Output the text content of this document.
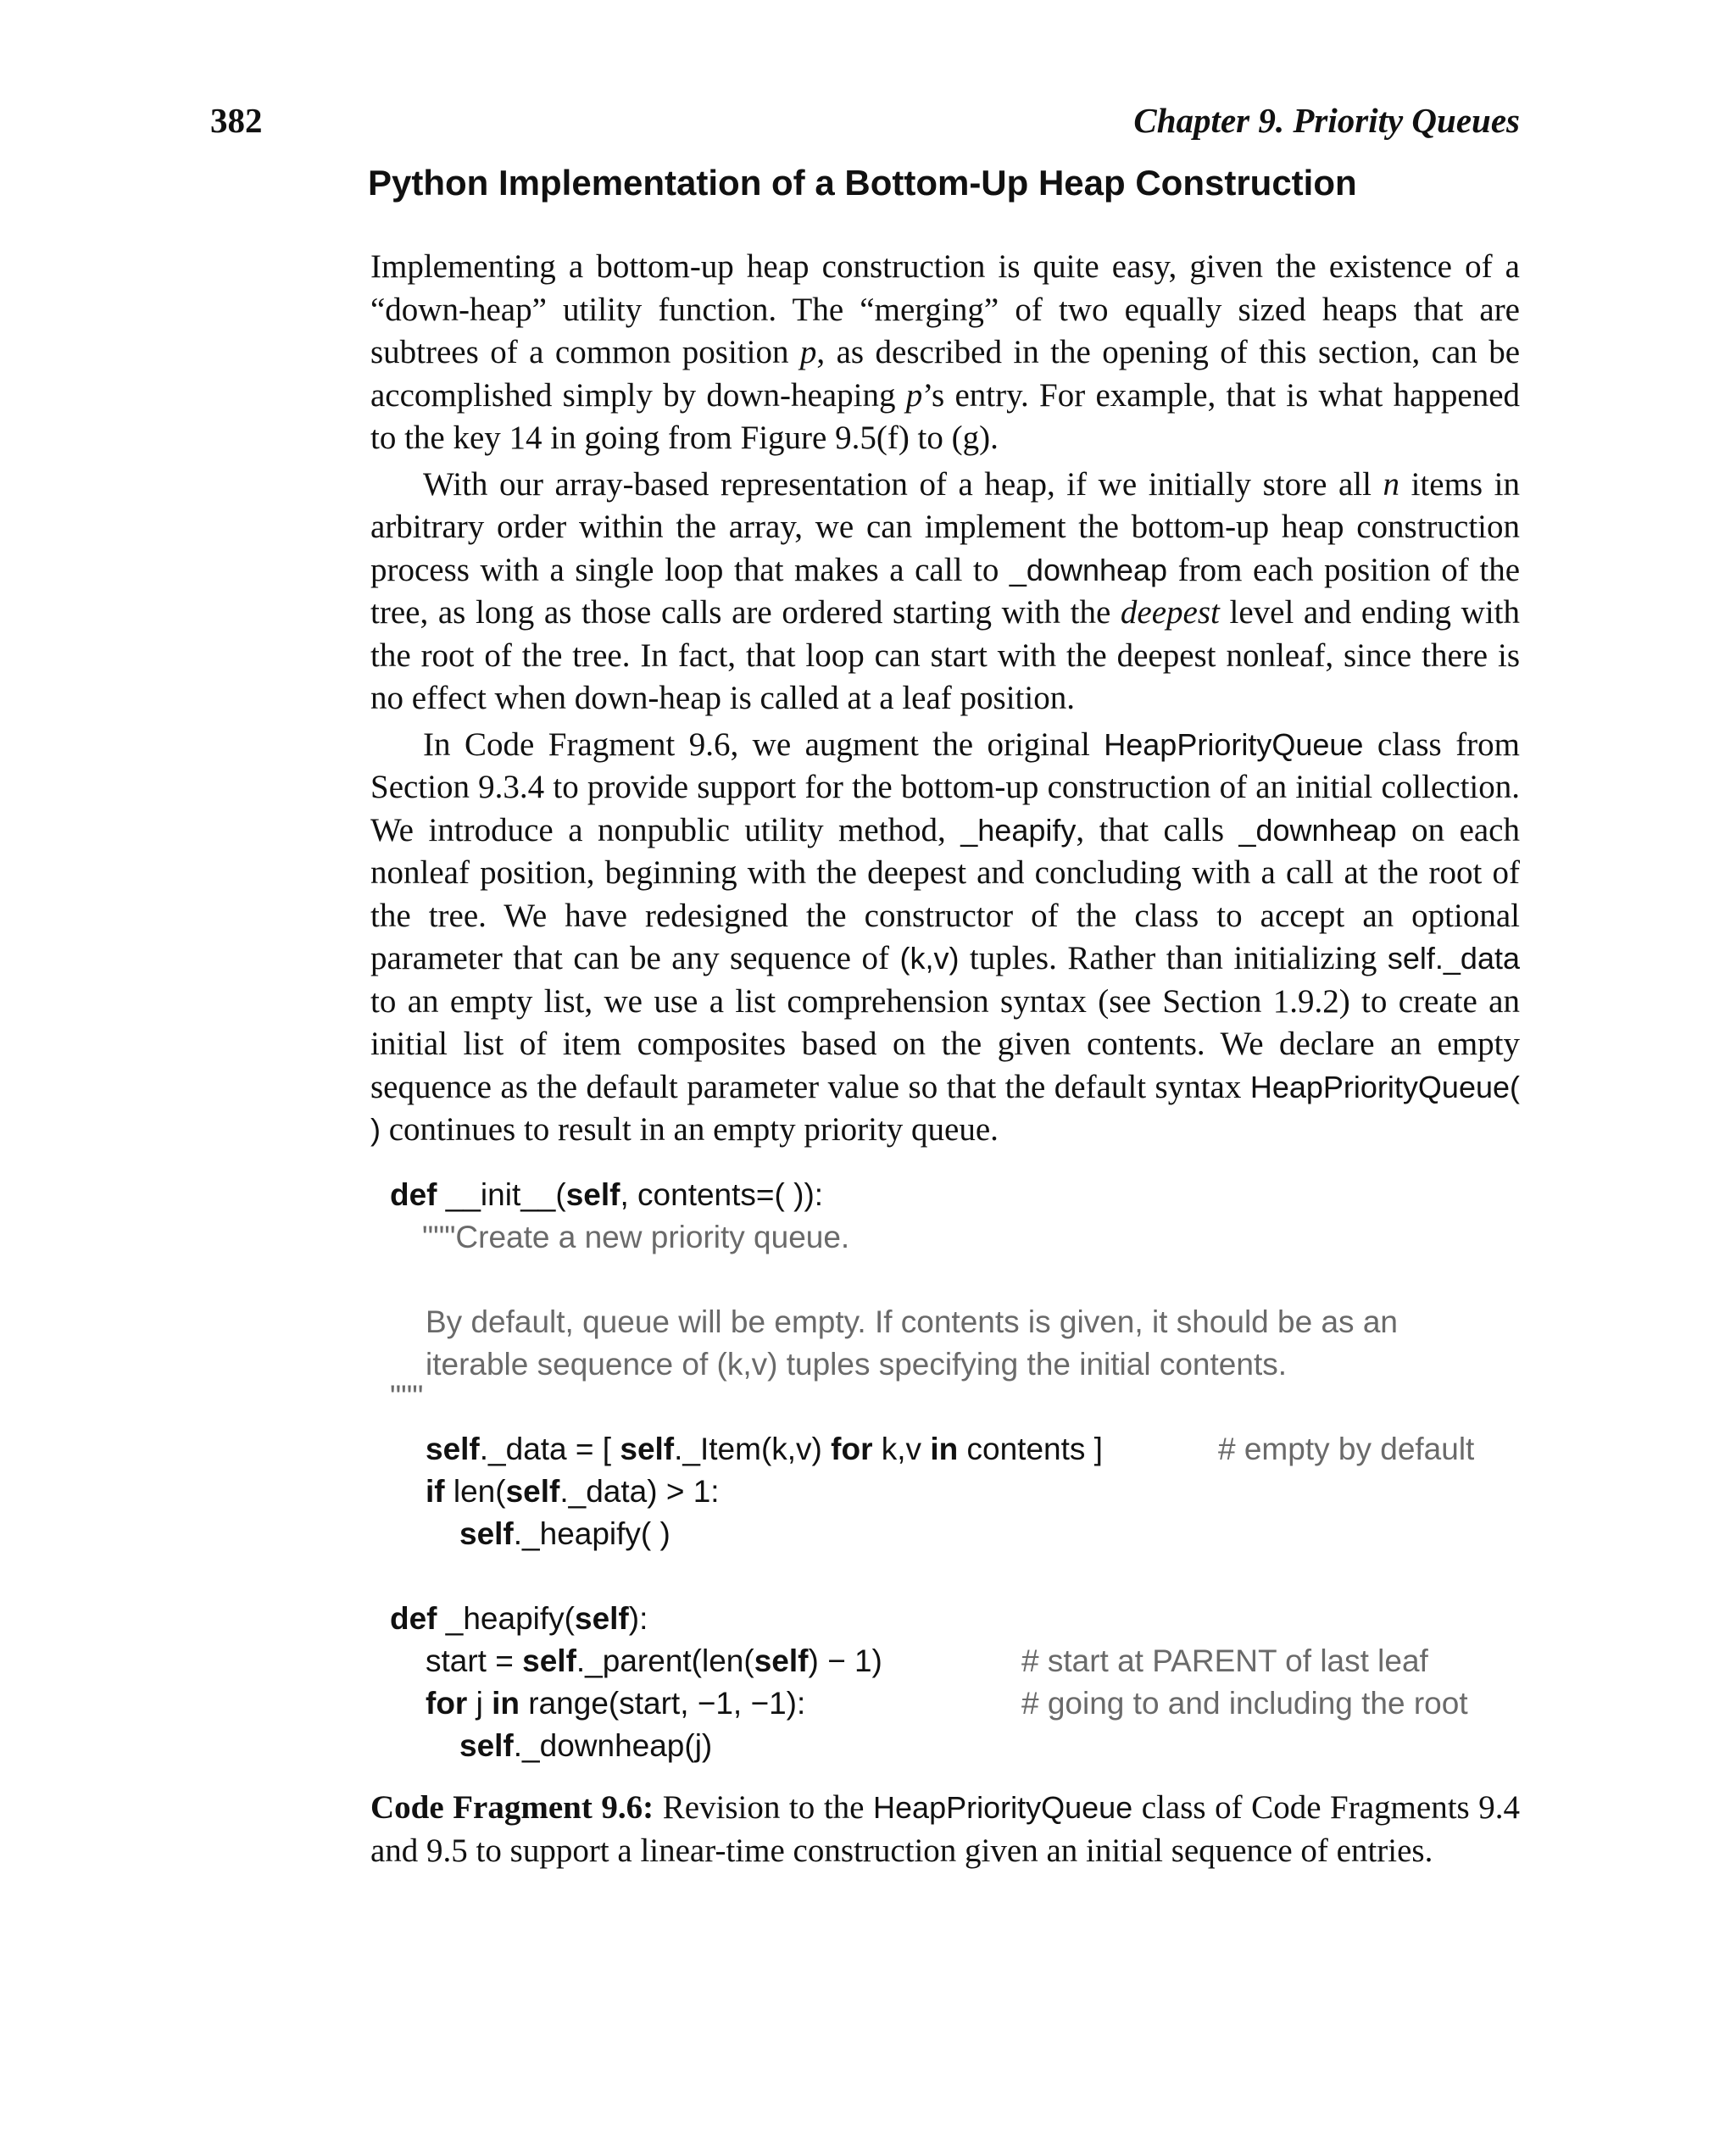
382	Chapter 9. Priority Queues
Python Implementation of a Bottom-Up Heap Construction

Implementing a bottom-up heap construction is quite easy, given the existence of a “down-heap” utility function. The “merging” of two equally sized heaps that are subtrees of a common position p, as described in the opening of this section, can be accomplished simply by down-heaping p’s entry. For example, that is what happened to the key 14 in going from Figure 9.5(f) to (g).

With our array-based representation of a heap, if we initially store all n items in arbitrary order within the array, we can implement the bottom-up heap construction process with a single loop that makes a call to _downheap from each position of the tree, as long as those calls are ordered starting with the deepest level and ending with the root of the tree. In fact, that loop can start with the deepest nonleaf, since there is no effect when down-heap is called at a leaf position.

In Code Fragment 9.6, we augment the original HeapPriorityQueue class from Section 9.3.4 to provide support for the bottom-up construction of an initial collection. We introduce a nonpublic utility method, _heapify, that calls _downheap on each nonleaf position, beginning with the deepest and concluding with a call at the root of the tree. We have redesigned the constructor of the class to accept an optional parameter that can be any sequence of (k,v) tuples. Rather than initializing self._data to an empty list, we use a list comprehension syntax (see Section 1.9.2) to create an initial list of item composites based on the given contents. We declare an empty sequence as the default parameter value so that the default syntax HeapPriorityQueue( ) continues to result in an empty priority queue.

def __init__(self, contents=( )):
"""Create a new priority queue.
By default, queue will be empty. If contents is given, it should be as an
iterable sequence of (k,v) tuples specifying the initial contents.
"""
self._data = [ self._Item(k,v) for k,v in contents ]	# empty by default
if len(self._data) > 1:
self._heapify( )
def _heapify(self):
start = self._parent(len(self) − 1)	# start at PARENT of last leaf
for j in range(start, −1, −1):	# going to and including the root
self._downheap(j)
Code Fragment 9.6: Revision to the HeapPriorityQueue class of Code Fragments 9.4 and 9.5 to support a linear-time construction given an initial sequence of entries.
